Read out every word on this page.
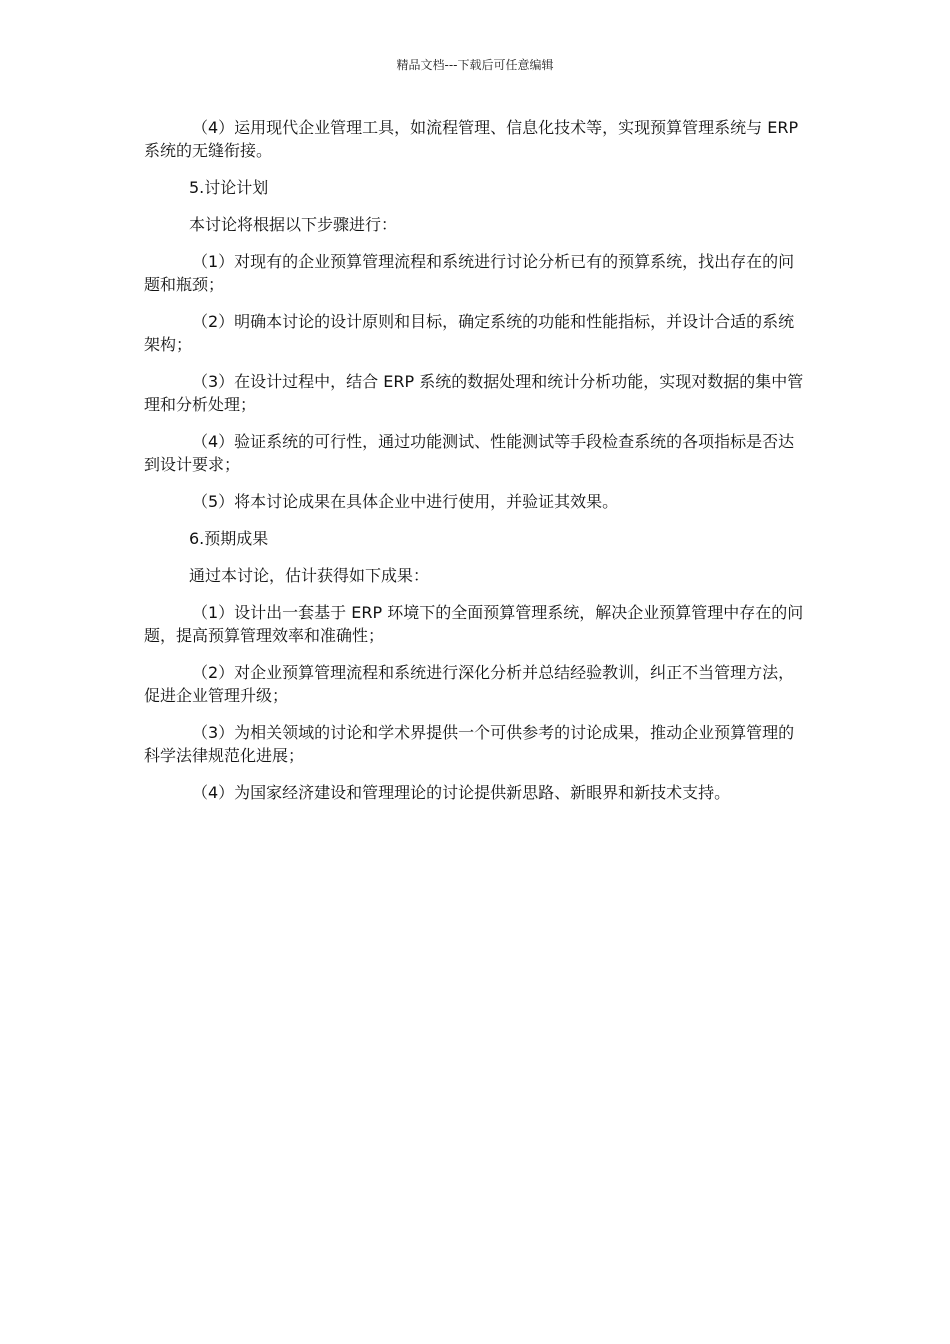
精品文档---下载后可任意编辑

（4）运用现代企业管理工具，如流程管理、信息化技术等，实现预算管理系统与 ERP 系统的无缝衔接。

5.讨论计划

本讨论将根据以下步骤进行：

（1）对现有的企业预算管理流程和系统进行讨论分析已有的预算系统，找出存在的问题和瓶颈；

（2）明确本讨论的设计原则和目标，确定系统的功能和性能指标，并设计合适的系统架构；

（3）在设计过程中，结合 ERP 系统的数据处理和统计分析功能，实现对数据的集中管理和分析处理；

（4）验证系统的可行性，通过功能测试、性能测试等手段检查系统的各项指标是否达到设计要求；

（5）将本讨论成果在具体企业中进行使用，并验证其效果。

6.预期成果

通过本讨论，估计获得如下成果：

（1）设计出一套基于 ERP 环境下的全面预算管理系统，解决企业预算管理中存在的问题，提高预算管理效率和准确性；

（2）对企业预算管理流程和系统进行深化分析并总结经验教训，纠正不当管理方法，促进企业管理升级；

（3）为相关领域的讨论和学术界提供一个可供参考的讨论成果，推动企业预算管理的科学法律规范化进展；

（4）为国家经济建设和管理理论的讨论提供新思路、新眼界和新技术支持。
